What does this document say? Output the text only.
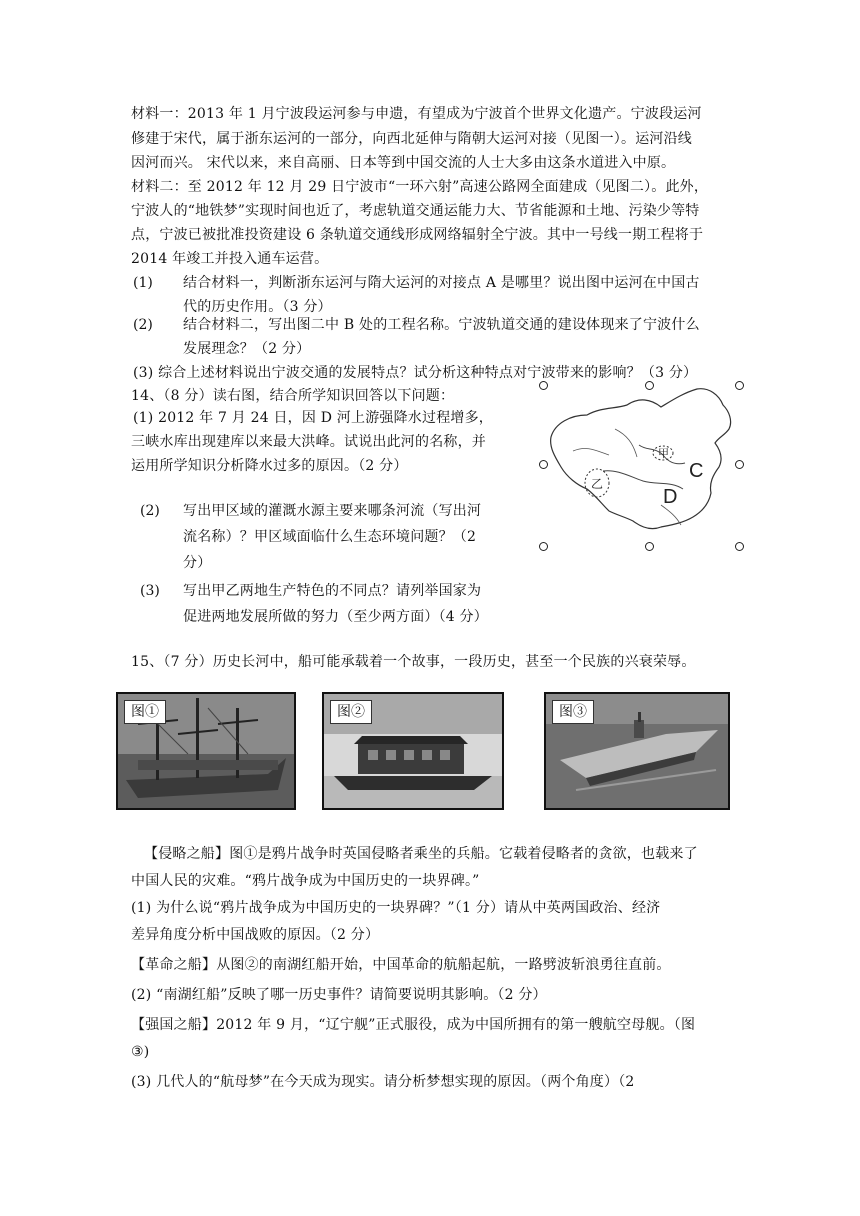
材料一：2013 年 1 月宁波段运河参与申遗，有望成为宁波首个世界文化遗产。宁波段运河
修建于宋代，属于浙东运河的一部分，向西北延伸与隋朝大运河对接（见图一）。运河沿线
因河而兴。 宋代以来，来自高丽、日本等到中国交流的人士大多由这条水道进入中原。
材料二：至 2012 年 12 月 29 日宁波市“一环六射”高速公路网全面建成（见图二）。此外，
宁波人的“地铁梦”实现时间也近了，考虑轨道交通运能力大、节省能源和土地、污染少等特
点，宁波已被批准投资建设 6 条轨道交通线形成网络辐射全宁波。其中一号线一期工程将于
2014 年竣工并投入通车运营。
(1) 结合材料一，判断浙东运河与隋大运河的对接点 A 是哪里？说出图中运河在中国古
代的历史作用。（3 分）
(2) 结合材料二，写出图二中 B 处的工程名称。宁波轨道交通的建设体现来了宁波什么
发展理念？（2 分）
(3) 综合上述材料说出宁波交通的发展特点？试分析这种特点对宁波带来的影响？（3 分）
14、（8 分）读右图，结合所学知识回答以下问题：
(1) 2012 年 7 月 24 日，因 D 河上游强降水过程增多，
三峡水库出现建库以来最大洪峰。试说出此河的名称，并
运用所学知识分析降水过多的原因。（2 分）
(2) 写出甲区域的灌溉水源主要来哪条河流（写出河
流名称）？甲区域面临什么生态环境问题？（2
分）
(3) 写出甲乙两地生产特色的不同点？请列举国家为
促进两地发展所做的努力（至少两方面）（4 分）
甲
乙
C
D
15、（7 分）历史长河中，船可能承载着一个故事，一段历史，甚至一个民族的兴衰荣辱。
图①	图②	图③
【侵略之船】图①是鸦片战争时英国侵略者乘坐的兵船。它载着侵略者的贪欲，也载来了
中国人民的灾难。“鸦片战争成为中国历史的一块界碑。”
(1) 为什么说“鸦片战争成为中国历史的一块界碑？”（1 分）请从中英两国政治、经济
差异角度分析中国战败的原因。（2 分）
【革命之船】从图②的南湖红船开始，中国革命的航船起航，一路劈波斩浪勇往直前。
(2) “南湖红船”反映了哪一历史事件？请简要说明其影响。（2 分）
【强国之船】2012 年 9 月，“辽宁舰”正式服役，成为中国所拥有的第一艘航空母舰。（图
③)
(3) 几代人的“航母梦”在今天成为现实。请分析梦想实现的原因。（两个角度）（2
